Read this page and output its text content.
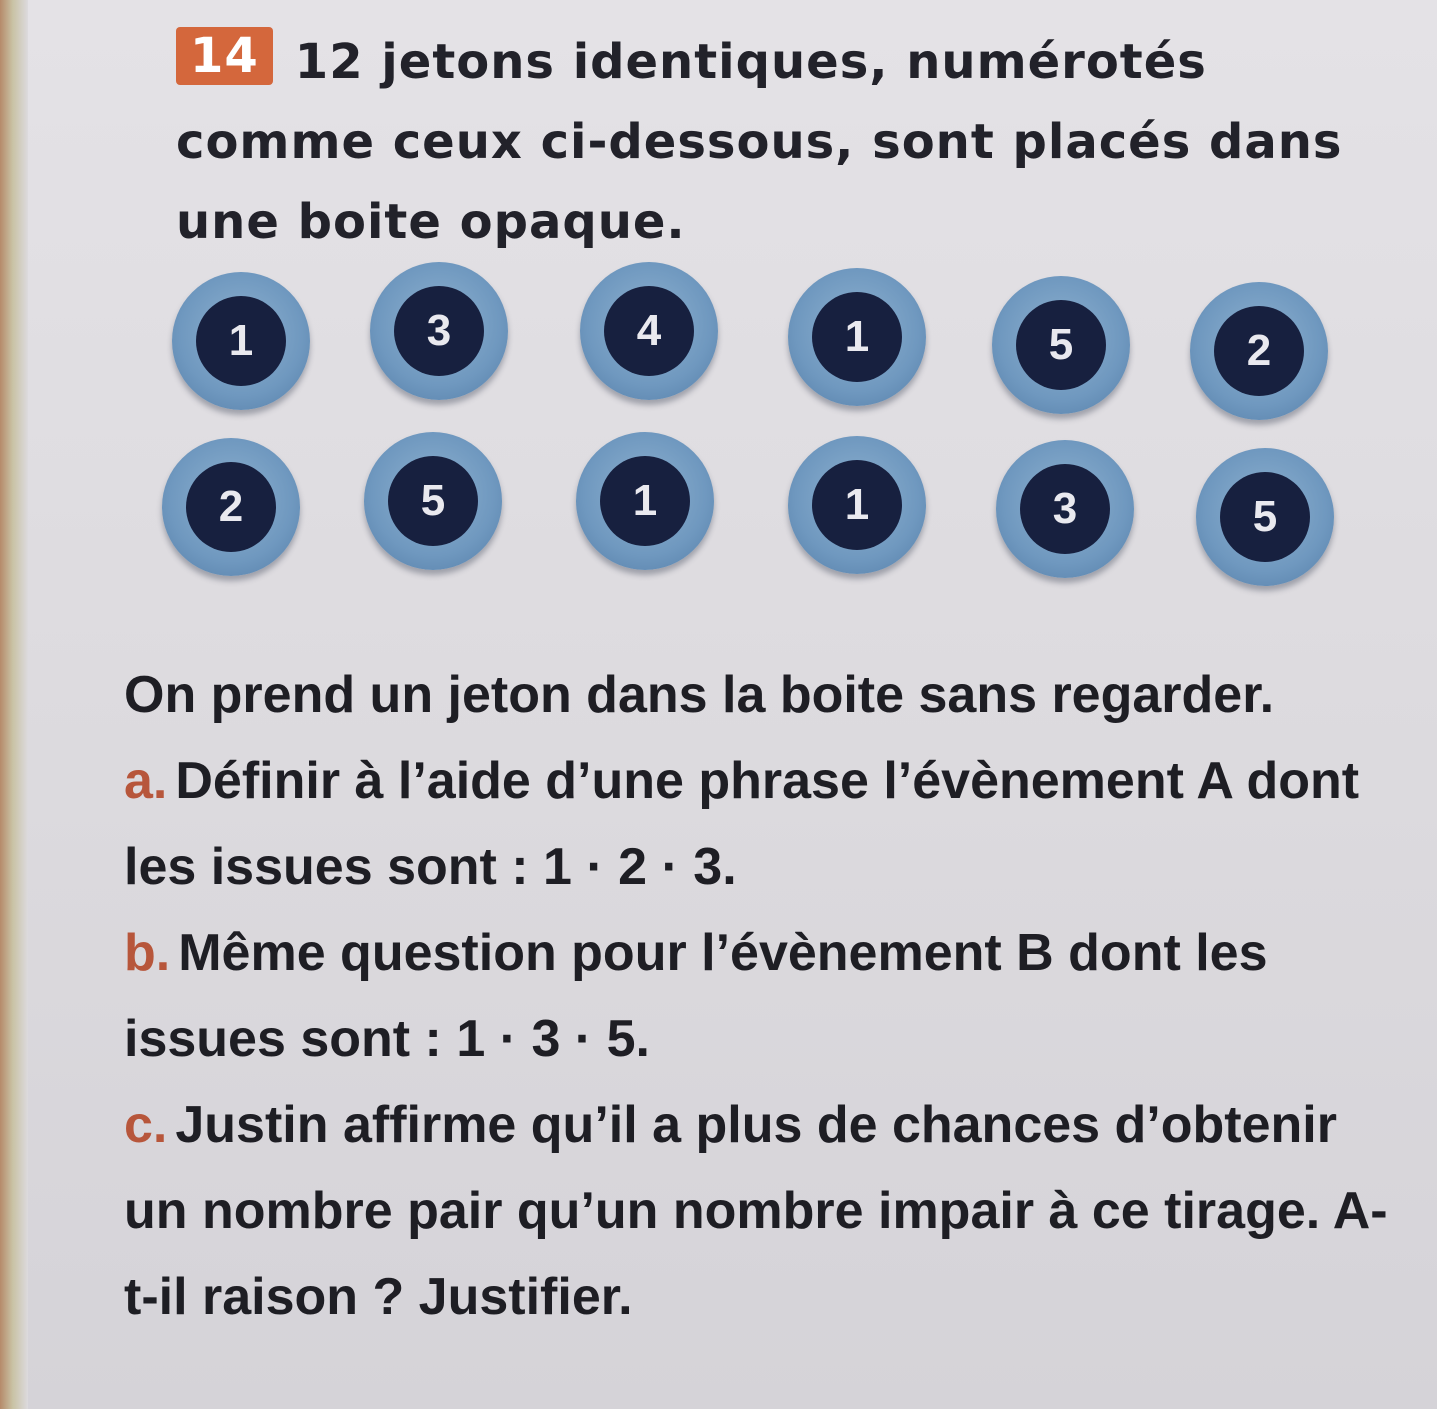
14 12 jetons identiques, numérotés comme ceux ci-dessous, sont placés dans une boite opaque.

1	3	4	1	5	2
2	5	1	1	3	5

On prend un jeton dans la boite sans regarder.

a. Définir à l’aide d’une phrase l’évènement A dont les issues sont : 1 · 2 · 3.

b. Même question pour l’évènement B dont les issues sont : 1 · 3 · 5.

c. Justin affirme qu’il a plus de chances d’obtenir un nombre pair qu’un nombre impair à ce tirage. A-t-il raison ? Justifier.
